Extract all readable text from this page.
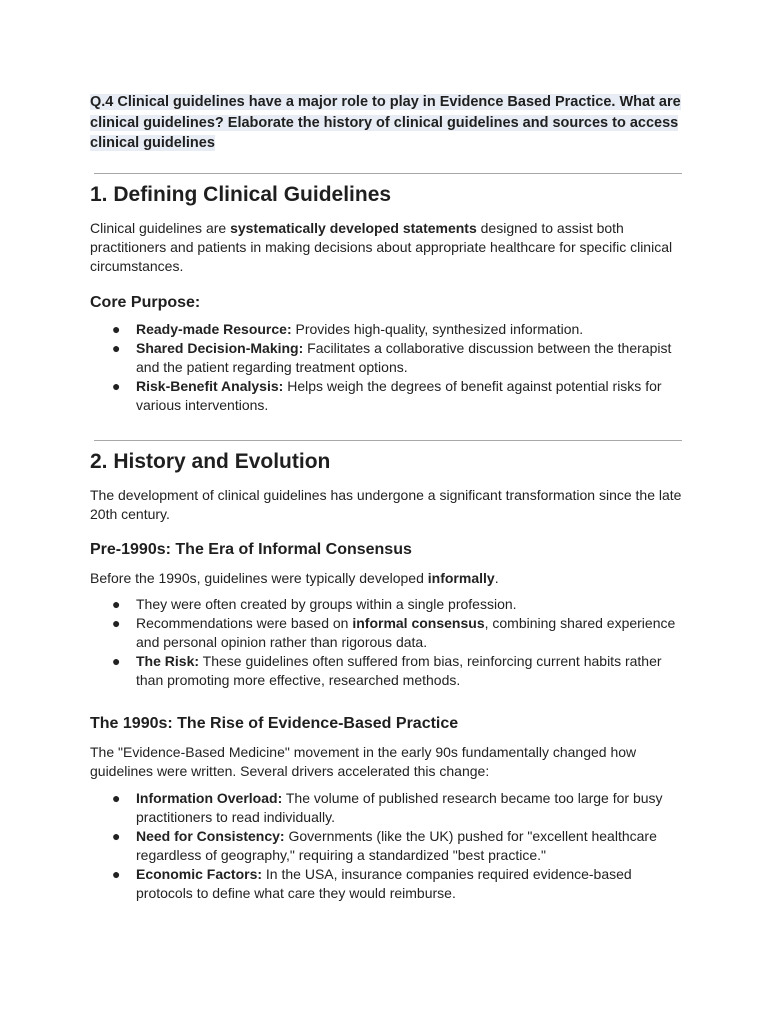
Q.4 Clinical guidelines have a major role to play in Evidence Based Practice. What are clinical guidelines? Elaborate the history of clinical guidelines and sources to access clinical guidelines

1. Defining Clinical Guidelines

Clinical guidelines are systematically developed statements designed to assist both practitioners and patients in making decisions about appropriate healthcare for specific clinical circumstances.

Core Purpose:
● Ready-made Resource: Provides high-quality, synthesized information.
● Shared Decision-Making: Facilitates a collaborative discussion between the therapist and the patient regarding treatment options.
● Risk-Benefit Analysis: Helps weigh the degrees of benefit against potential risks for various interventions.
2. History and Evolution

The development of clinical guidelines has undergone a significant transformation since the late 20th century.

Pre-1990s: The Era of Informal Consensus

Before the 1990s, guidelines were typically developed informally.

● They were often created by groups within a single profession.
● Recommendations were based on informal consensus, combining shared experience and personal opinion rather than rigorous data.
● The Risk: These guidelines often suffered from bias, reinforcing current habits rather than promoting more effective, researched methods.
The 1990s: The Rise of Evidence-Based Practice

The "Evidence-Based Medicine" movement in the early 90s fundamentally changed how guidelines were written. Several drivers accelerated this change:

● Information Overload: The volume of published research became too large for busy practitioners to read individually.
● Need for Consistency: Governments (like the UK) pushed for "excellent healthcare regardless of geography," requiring a standardized "best practice."
● Economic Factors: In the USA, insurance companies required evidence-based protocols to define what care they would reimburse.
